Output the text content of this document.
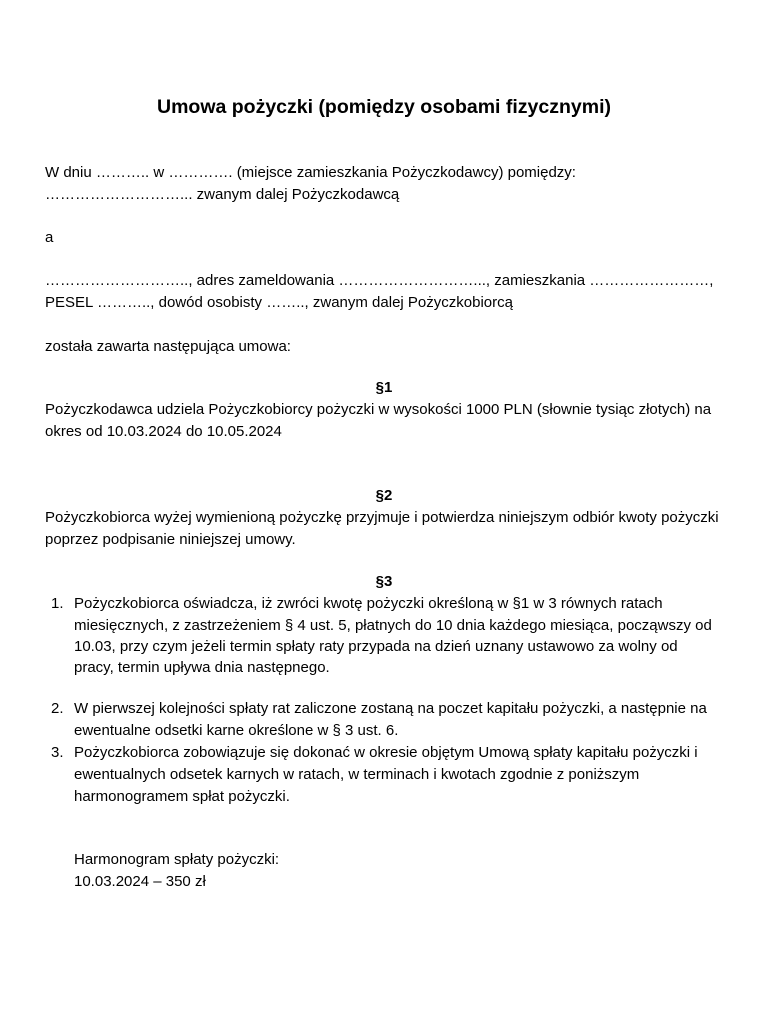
Umowa pożyczki (pomiędzy osobami fizycznymi)
W dniu ……….. w …………. (miejsce zamieszkania Pożyczkodawcy) pomiędzy:
………………………... zwanym dalej Pożyczkodawcą
a
……………………….., adres zameldowania ………………………..., zamieszkania ……………………,
PESEL ……….., dowód osobisty …….., zwanym dalej Pożyczkobiorcą
została zawarta następująca umowa:
§1
Pożyczkodawca udziela Pożyczkobiorcy pożyczki w wysokości 1000 PLN (słownie tysiąc złotych) na
okres od 10.03.2024 do 10.05.2024
§2
Pożyczkobiorca wyżej wymienioną pożyczkę przyjmuje i potwierdza niniejszym odbiór kwoty pożyczki
poprzez podpisanie niniejszej umowy.
§3
1. Pożyczkobiorca oświadcza, iż zwróci kwotę pożyczki określoną w §1 w 3 równych ratach
miesięcznych, z zastrzeżeniem § 4 ust. 5, płatnych do 10 dnia każdego miesiąca, począwszy od
10.03, przy czym jeżeli termin spłaty raty przypada na dzień uznany ustawowo za wolny od
pracy, termin upływa dnia następnego.
2. W pierwszej kolejności spłaty rat zaliczone zostaną na poczet kapitału pożyczki, a następnie na
ewentualne odsetki karne określone w § 3 ust. 6.
3. Pożyczkobiorca zobowiązuje się dokonać w okresie objętym Umową spłaty kapitału pożyczki i
ewentualnych odsetek karnych w ratach, w terminach i kwotach zgodnie z poniższym
harmonogramem spłat pożyczki.
Harmonogram spłaty pożyczki:
10.03.2024 – 350 zł
